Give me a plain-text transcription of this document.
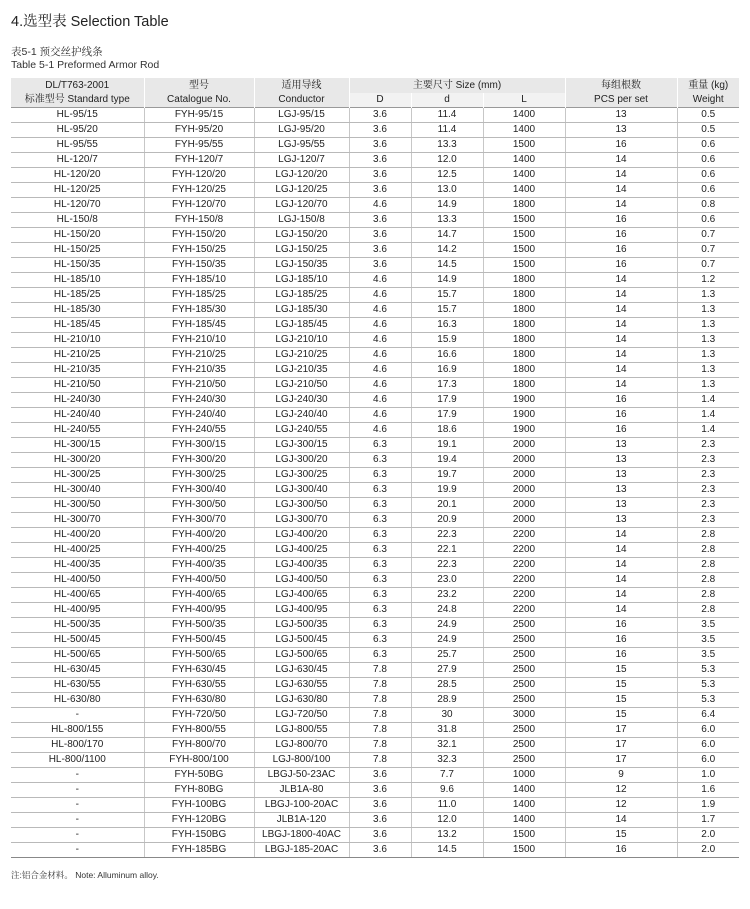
4.选型表 Selection Table
表5-1 预交丝护线条
Table 5-1 Preformed Armor Rod
DL/T763-2001	型号	适用导线	主要尺寸 Size (mm)			每组根数	重量 (kg)
标准型号 Standard type	Catalogue No.	Conductor	D	d	L	PCS per set	Weight
HL-95/15	FYH-95/15	LGJ-95/15	3.6	11.4	1400	13	0.5
HL-95/20	FYH-95/20	LGJ-95/20	3.6	11.4	1400	13	0.5
HL-95/55	FYH-95/55	LGJ-95/55	3.6	13.3	1500	16	0.6
HL-120/7	FYH-120/7	LGJ-120/7	3.6	12.0	1400	14	0.6
HL-120/20	FYH-120/20	LGJ-120/20	3.6	12.5	1400	14	0.6
HL-120/25	FYH-120/25	LGJ-120/25	3.6	13.0	1400	14	0.6
HL-120/70	FYH-120/70	LGJ-120/70	4.6	14.9	1800	14	0.8
HL-150/8	FYH-150/8	LGJ-150/8	3.6	13.3	1500	16	0.6
HL-150/20	FYH-150/20	LGJ-150/20	3.6	14.7	1500	16	0.7
HL-150/25	FYH-150/25	LGJ-150/25	3.6	14.2	1500	16	0.7
HL-150/35	FYH-150/35	LGJ-150/35	3.6	14.5	1500	16	0.7
HL-185/10	FYH-185/10	LGJ-185/10	4.6	14.9	1800	14	1.2
HL-185/25	FYH-185/25	LGJ-185/25	4.6	15.7	1800	14	1.3
HL-185/30	FYH-185/30	LGJ-185/30	4.6	15.7	1800	14	1.3
HL-185/45	FYH-185/45	LGJ-185/45	4.6	16.3	1800	14	1.3
HL-210/10	FYH-210/10	LGJ-210/10	4.6	15.9	1800	14	1.3
HL-210/25	FYH-210/25	LGJ-210/25	4.6	16.6	1800	14	1.3
HL-210/35	FYH-210/35	LGJ-210/35	4.6	16.9	1800	14	1.3
HL-210/50	FYH-210/50	LGJ-210/50	4.6	17.3	1800	14	1.3
HL-240/30	FYH-240/30	LGJ-240/30	4.6	17.9	1900	16	1.4
HL-240/40	FYH-240/40	LGJ-240/40	4.6	17.9	1900	16	1.4
HL-240/55	FYH-240/55	LGJ-240/55	4.6	18.6	1900	16	1.4
HL-300/15	FYH-300/15	LGJ-300/15	6.3	19.1	2000	13	2.3
HL-300/20	FYH-300/20	LGJ-300/20	6.3	19.4	2000	13	2.3
HL-300/25	FYH-300/25	LGJ-300/25	6.3	19.7	2000	13	2.3
HL-300/40	FYH-300/40	LGJ-300/40	6.3	19.9	2000	13	2.3
HL-300/50	FYH-300/50	LGJ-300/50	6.3	20.1	2000	13	2.3
HL-300/70	FYH-300/70	LGJ-300/70	6.3	20.9	2000	13	2.3
HL-400/20	FYH-400/20	LGJ-400/20	6.3	22.3	2200	14	2.8
HL-400/25	FYH-400/25	LGJ-400/25	6.3	22.1	2200	14	2.8
HL-400/35	FYH-400/35	LGJ-400/35	6.3	22.3	2200	14	2.8
HL-400/50	FYH-400/50	LGJ-400/50	6.3	23.0	2200	14	2.8
HL-400/65	FYH-400/65	LGJ-400/65	6.3	23.2	2200	14	2.8
HL-400/95	FYH-400/95	LGJ-400/95	6.3	24.8	2200	14	2.8
HL-500/35	FYH-500/35	LGJ-500/35	6.3	24.9	2500	16	3.5
HL-500/45	FYH-500/45	LGJ-500/45	6.3	24.9	2500	16	3.5
HL-500/65	FYH-500/65	LGJ-500/65	6.3	25.7	2500	16	3.5
HL-630/45	FYH-630/45	LGJ-630/45	7.8	27.9	2500	15	5.3
HL-630/55	FYH-630/55	LGJ-630/55	7.8	28.5	2500	15	5.3
HL-630/80	FYH-630/80	LGJ-630/80	7.8	28.9	2500	15	5.3
-	FYH-720/50	LGJ-720/50	7.8	30	3000	15	6.4
HL-800/155	FYH-800/55	LGJ-800/55	7.8	31.8	2500	17	6.0
HL-800/170	FYH-800/70	LGJ-800/70	7.8	32.1	2500	17	6.0
HL-800/1100	FYH-800/100	LGJ-800/100	7.8	32.3	2500	17	6.0
-	FYH-50BG	LBGJ-50-23AC	3.6	7.7	1000	9	1.0
-	FYH-80BG	JLB1A-80	3.6	9.6	1400	12	1.6
-	FYH-100BG	LBGJ-100-20AC	3.6	11.0	1400	12	1.9
-	FYH-120BG	JLB1A-120	3.6	12.0	1400	14	1.7
-	FYH-150BG	LBGJ-1800-40AC	3.6	13.2	1500	15	2.0
-	FYH-185BG	LBGJ-185-20AC	3.6	14.5	1500	16	2.0
注:铝合金材料。 Note: Alluminum alloy.
